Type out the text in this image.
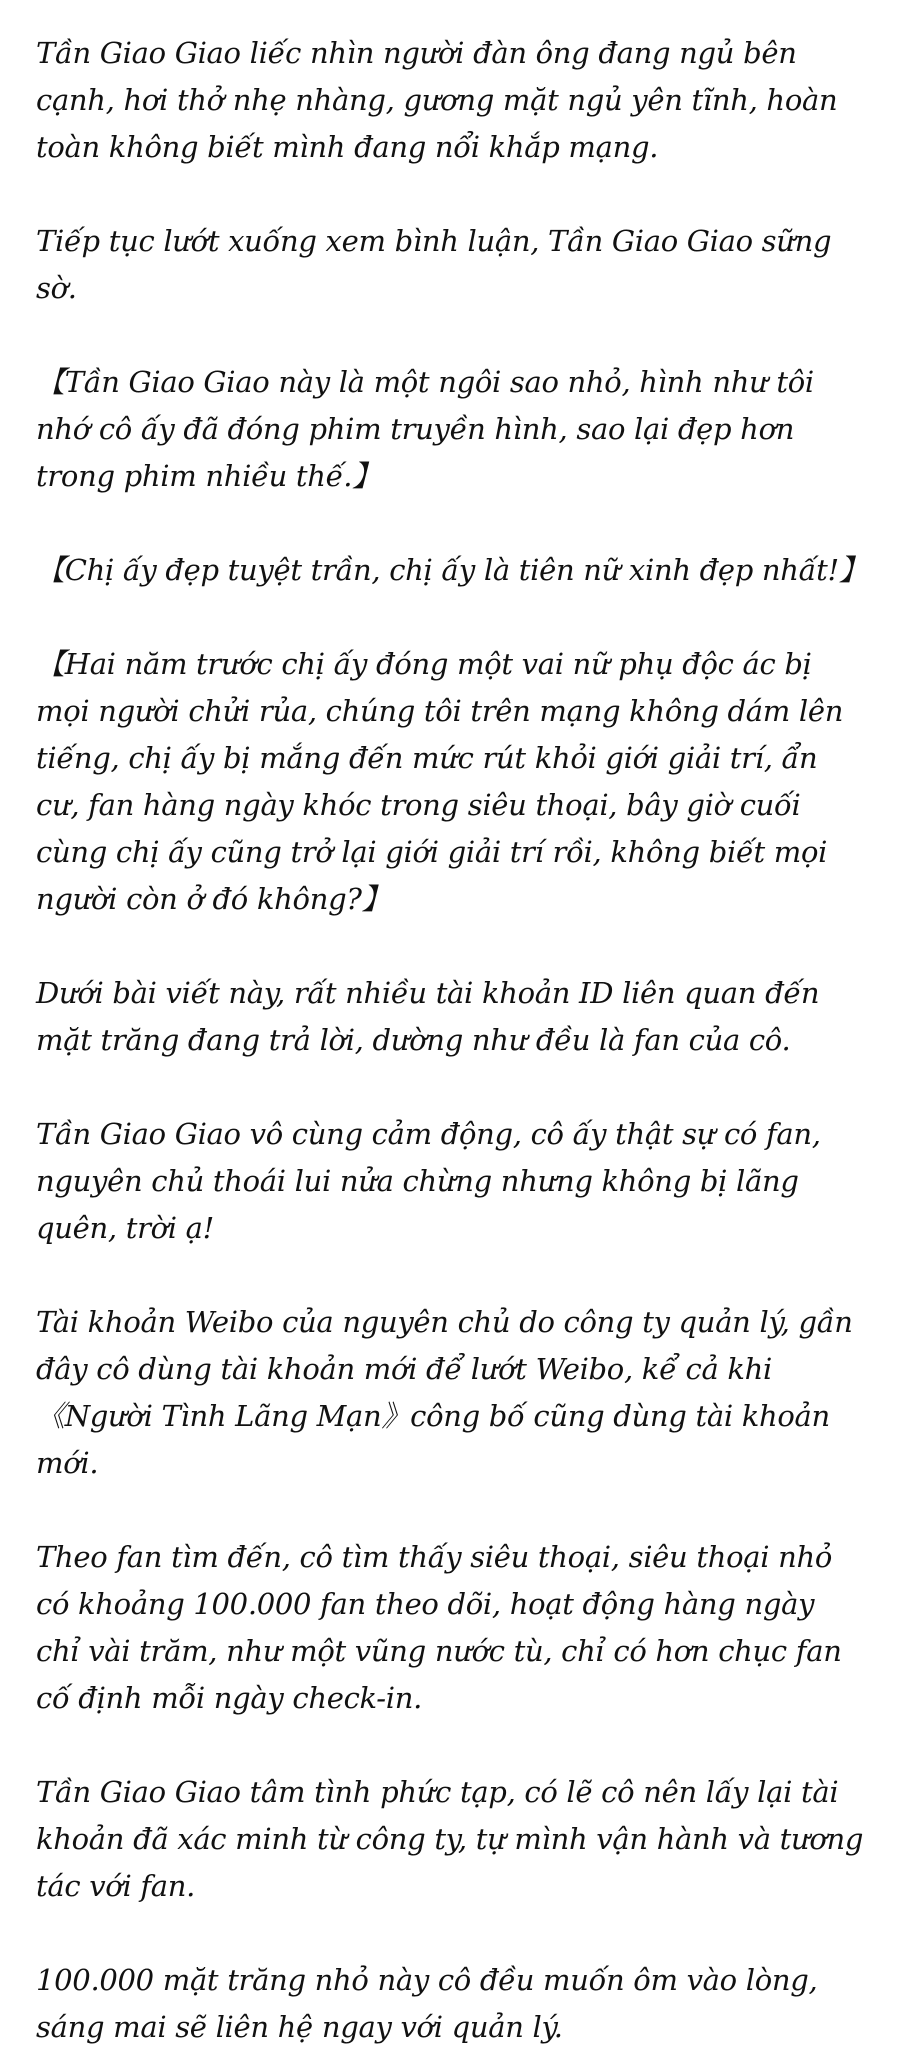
Tần Giao Giao liếc nhìn người đàn ông đang ngủ bên cạnh, hơi thở nhẹ nhàng, gương mặt ngủ yên tĩnh, hoàn toàn không biết mình đang nổi khắp mạng.

Tiếp tục lướt xuống xem bình luận, Tần Giao Giao sững sờ.

【Tần Giao Giao này là một ngôi sao nhỏ, hình như tôi nhớ cô ấy đã đóng phim truyền hình, sao lại đẹp hơn trong phim nhiều thế.】

【Chị ấy đẹp tuyệt trần, chị ấy là tiên nữ xinh đẹp nhất!】

【Hai năm trước chị ấy đóng một vai nữ phụ độc ác bị mọi người chửi rủa, chúng tôi trên mạng không dám lên tiếng, chị ấy bị mắng đến mức rút khỏi giới giải trí, ẩn cư, fan hàng ngày khóc trong siêu thoại, bây giờ cuối cùng chị ấy cũng trở lại giới giải trí rồi, không biết mọi người còn ở đó không?】

Dưới bài viết này, rất nhiều tài khoản ID liên quan đến mặt trăng đang trả lời, dường như đều là fan của cô.

Tần Giao Giao vô cùng cảm động, cô ấy thật sự có fan, nguyên chủ thoái lui nửa chừng nhưng không bị lãng quên, trời ạ!

Tài khoản Weibo của nguyên chủ do công ty quản lý, gần đây cô dùng tài khoản mới để lướt Weibo, kể cả khi《Người Tình Lãng Mạn》công bố cũng dùng tài khoản mới.

Theo fan tìm đến, cô tìm thấy siêu thoại, siêu thoại nhỏ có khoảng 100.000 fan theo dõi, hoạt động hàng ngày chỉ vài trăm, như một vũng nước tù, chỉ có hơn chục fan cố định mỗi ngày check-in.

Tần Giao Giao tâm tình phức tạp, có lẽ cô nên lấy lại tài khoản đã xác minh từ công ty, tự mình vận hành và tương tác với fan.

100.000 mặt trăng nhỏ này cô đều muốn ôm vào lòng, sáng mai sẽ liên hệ ngay với quản lý.
